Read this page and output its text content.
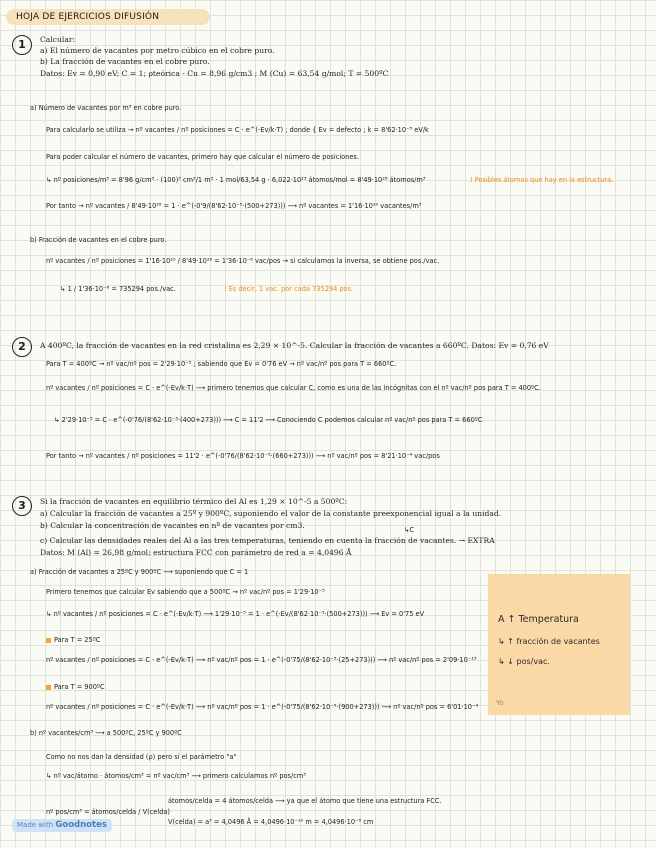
HOJA DE EJERCICIOS DIFUSIÓN
1	Calcular:
a) El número de vacantes por metro cúbico en el cobre puro.
b) La fracción de vacantes en el cobre puro.
Datos: Ev = 0,90 eV; C = 1; ρteórica - Cu = 8,96 g/cm3 ; M (Cu) = 63,54 g/mol; T = 500ºC
a) Número de vacantes por m³ en cobre puro.
Para calcularlo se utiliza → nº vacantes / nº posiciones = C · e^(-Ev/k·T) ; donde { Ev = defecto ; k = 8'62·10⁻⁵ eV/k
Para poder calcular el número de vacantes, primero hay que calcular el número de posiciones.
↳ nº posiciones/m³ = 8'96 g/cm³ · (100)³ cm³/1 m³ · 1 mol/63,54 g · 6,022·10²³ átomos/mol = 8'49·10²⁸ átomos/m³	! Posibles átomos que hay en la estructura.
Por tanto → nº vacantes / 8'49·10²⁸ = 1 · e^(-0'9/(8'62·10⁻⁵·(500+273))) ⟶ nº vacantes = 1'16·10²⁰ vacantes/m³
b) Fracción de vacantes en el cobre puro.
nº vacantes / nº posiciones = 1'16·10²⁰ / 8'49·10²⁸ = 1'36·10⁻⁶ vac/pos → si calculamos la inversa, se obtiene pos./vac.
↳ 1 / 1'36·10⁻⁶ = 735294 pos./vac.	! Es decir, 1 vac. por cada 735294 pos.
2	A 400ºC, la fracción de vacantes en la red cristalina es 2,29 × 10^-5. Calcular la fracción de vacantes a 660ºC. Datos: Ev = 0,76 eV
Para T = 400ºC → nº vac/nº pos = 2'29·10⁻⁵ ; sabiendo que Ev = 0'76 eV → nº vac/nº pos para T = 660ºC.
nº vacantes / nº posiciones = C · e^(-Ev/k·T) ⟶ primero tenemos que calcular C, como es una de las incógnitas con el nº vac/nº pos para T = 400ºC.
↳ 2'29·10⁻⁵ = C · e^(-0'76/(8'62·10⁻⁵·(400+273))) ⟶ C = 11'2 ⟶ Conociendo C podemos calcular nº vac/nº pos para T = 660ºC
Por tanto → nº vacantes / nº posiciones = 11'2 · e^(-0'76/(8'62·10⁻⁵·(660+273))) ⟶ nº vac/nº pos = 8'21·10⁻⁴ vac/pos
3	Si la fracción de vacantes en equilibrio térmico del Al es 1,29 × 10^-5 a 500ºC:
a) Calcular la fracción de vacantes a 25º y 900ºC, suponiendo el valor de la constante preexponencial igual a la unidad.
b) Calcular la concentración de vacantes en nº de vacantes por cm3.	↳C
c) Calcular las densidades reales del Al a las tres temperaturas, teniendo en cuenta la fracción de vacantes. → EXTRA
Datos: M (Al) = 26,98 g/mol; estructura FCC con parámetro de red a = 4,0496 Å
a) Fracción de vacantes a 25ºC y 900ºC ⟶ suponiendo que C = 1
Primero tenemos que calcular Ev sabiendo que a 500ºC → nº vac/nº pos = 1'29·10⁻⁵
↳ nº vacantes / nº posiciones = C · e^(-Ev/k·T) ⟶ 1'29·10⁻⁵ = 1 · e^(-Ev/(8'62·10⁻⁵·(500+273))) ⟶ Ev = 0'75 eV
Para T = 25ºC
nº vacantes / nº posiciones = C · e^(-Ev/k·T) ⟶ nº vac/nº pos = 1 · e^(-0'75/(8'62·10⁻⁵·(25+273))) ⟶ nº vac/nº pos = 2'09·10⁻¹³
Para T = 900ºC
nº vacantes / nº posiciones = C · e^(-Ev/k·T) ⟶ nº vac/nº pos = 1 · e^(-0'75/(8'62·10⁻⁵·(900+273))) ⟶ nº vac/nº pos = 6'01·10⁻⁴
b) nº vacantes/cm³ ⟶ a 500ºC, 25ºC y 900ºC
Como no nos dan la densidad (ρ) pero sí el parámetro "a"
↳ nº vac/átomo · átomos/cm³ = nº vac/cm³ ⟶ primero calculamos nº pos/cm³
nº pos/cm³ = átomos/celda / V(celda)
átomos/celda = 4 átomos/celda ⟶ ya que el átomo que tiene una estructura FCC.
V(celda) = a³ = 4,0496 Å = 4,0496·10⁻¹⁰ m = 4,0496·10⁻⁸ cm
A ↑ Temperatura
↳ ↑ fracción de vacantes
↳ ↓ pos/vac.
Yo
Made with Goodnotes
